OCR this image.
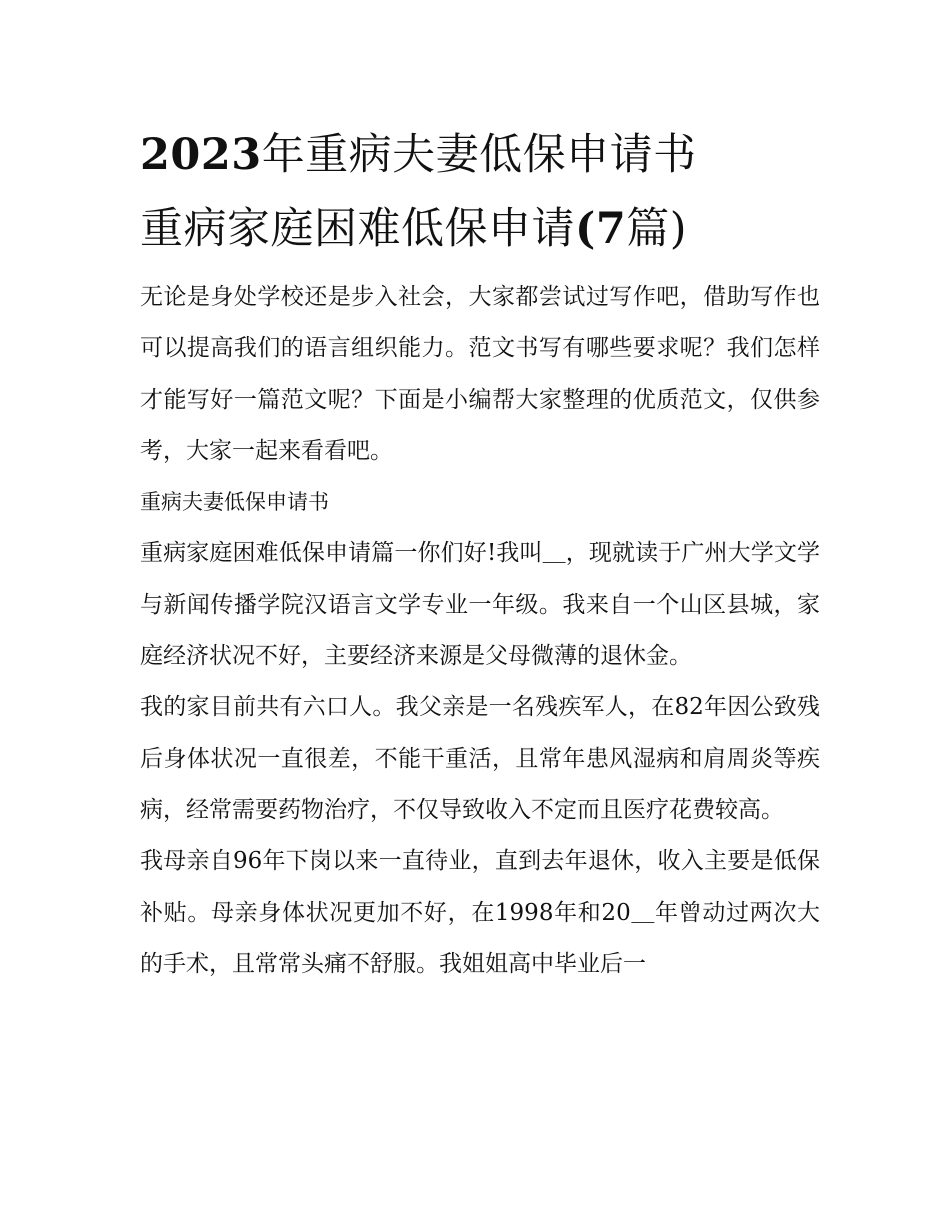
2023年重病夫妻低保申请书
重病家庭困难低保申请(7篇)

无论是身处学校还是步入社会，大家都尝试过写作吧，借助写作也可以提高我们的语言组织能力。范文书写有哪些要求呢？我们怎样才能写好一篇范文呢？下面是小编帮大家整理的优质范文，仅供参考，大家一起来看看吧。

重病夫妻低保申请书

重病家庭困难低保申请篇一你们好!我叫＿，现就读于广州大学文学与新闻传播学院汉语言文学专业一年级。我来自一个山区县城，家庭经济状况不好，主要经济来源是父母微薄的退休金。

我的家目前共有六口人。我父亲是一名残疾军人，在82年因公致残后身体状况一直很差，不能干重活，且常年患风湿病和肩周炎等疾病，经常需要药物治疗，不仅导致收入不定而且医疗花费较高。

我母亲自96年下岗以来一直待业，直到去年退休，收入主要是低保补贴。母亲身体状况更加不好，在1998年和20＿年曾动过两次大的手术，且常常头痛不舒服。我姐姐高中毕业后一
